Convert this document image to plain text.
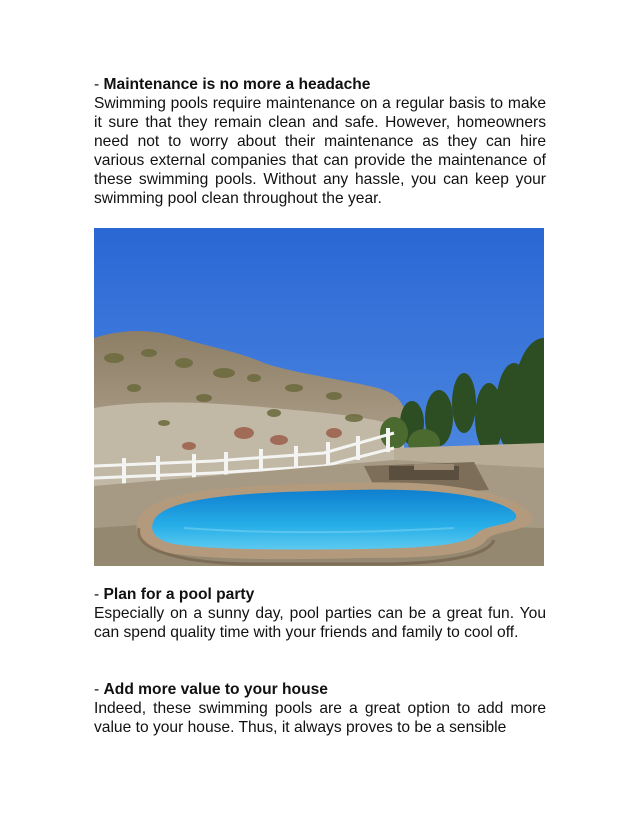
- Maintenance is no more a headache

Swimming pools require maintenance on a regular basis to make it sure that they remain clean and safe. However, homeowners need not to worry about their maintenance as they can hire various external companies that can provide the maintenance of these swimming pools. Without any hassle, you can keep your swimming pool clean throughout the year.

- Plan for a pool party

Especially on a sunny day, pool parties can be a great fun. You can spend quality time with your friends and family to cool off.

- Add more value to your house

Indeed, these swimming pools are a great option to add more value to your house. Thus, it always proves to be a sensible
